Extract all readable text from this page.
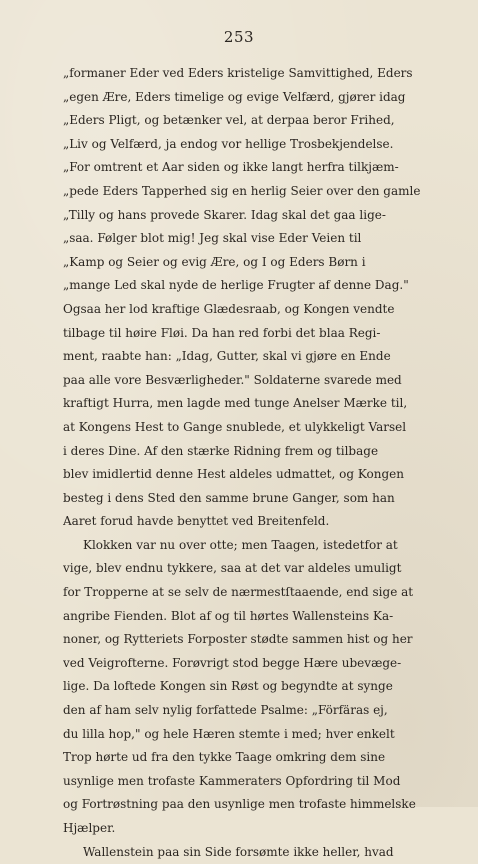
253
„formaner Eder ved Eders kristelige Samvittighed, Eders
„egen Ære, Eders timelige og evige Velfærd, gjører idag
„Eders Pligt, og betænker vel, at derpaa beror Frihed,
„Liv og Velfærd, ja endog vor hellige Trosbekjendelse.
„For omtrent et Aar siden og ikke langt herfra tilkjæm-
„pede Eders Tapperhed sig en herlig Seier over den gamle
„Tilly og hans provede Skarer. Idag skal det gaa lige-
„saa. Følger blot mig! Jeg skal vise Eder Veien til
„Kamp og Seier og evig Ære, og I og Eders Børn i
„mange Led skal nyde de herlige Frugter af denne Dag."
Ogsaa her lod kraftige Glædesraab, og Kongen vendte
tilbage til høire Fløi. Da han red forbi det blaa Regi-
ment, raabte han: „Idag, Gutter, skal vi gjøre en Ende
paa alle vore Besværligheder." Soldaterne svarede med
kraftigt Hurra, men lagde med tunge Anelser Mærke til,
at Kongens Hest to Gange snublede, et ulykkeligt Varsel
i deres Dine. Af den stærke Ridning frem og tilbage
blev imidlertid denne Hest aldeles udmattet, og Kongen
besteg i dens Sted den samme brune Ganger, som han
Aaret forud havde benyttet ved Breitenfeld.
Klokken var nu over otte; men Taagen, istedetfor at
vige, blev endnu tykkere, saa at det var aldeles umuligt
for Tropperne at se selv de nærmestſtaaende, end sige at
angribe Fienden. Blot af og til hørtes Wallensteins Ka-
noner, og Rytteriets Forposter stødte sammen hist og her
ved Veigrofterne. Forøvrigt stod begge Hære ubevæge-
lige. Da loftede Kongen sin Røst og begyndte at synge
den af ham selv nylig forfattede Psalme: „Förfäras ej,
du lilla hop," og hele Hæren stemte i med; hver enkelt
Trop hørte ud fra den tykke Taage omkring dem sine
usynlige men trofaste Kammeraters Opfordring til Mod
og Fortrøstning paa den usynlige men trofaste himmelske
Hjælper.
Wallenstein paa sin Side forsømte ikke heller, hvad
